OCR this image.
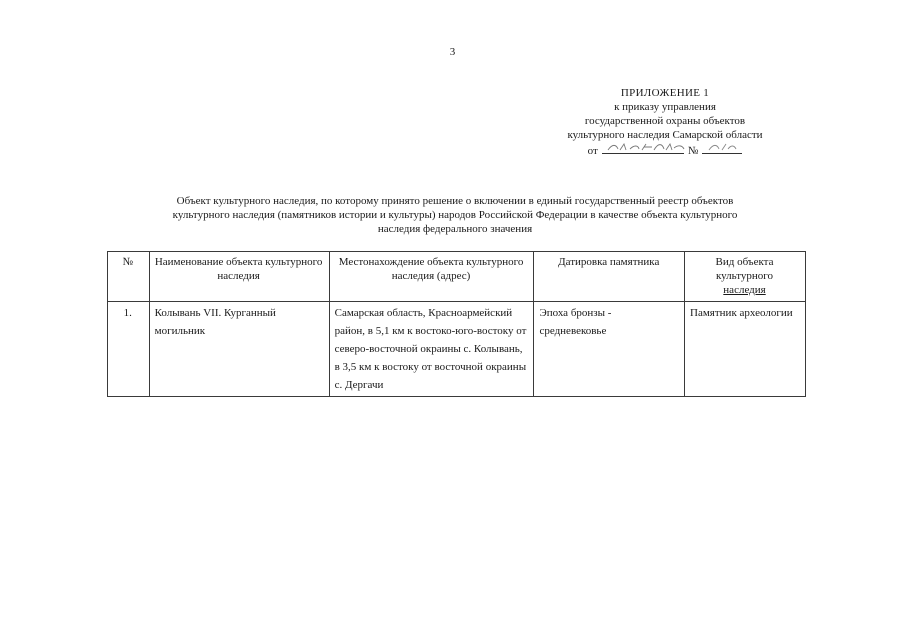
3
ПРИЛОЖЕНИЕ 1
к приказу управления
государственной охраны объектов
культурного наследия Самарской области
от	№
Объект культурного наследия, по которому принято решение о включении в единый государственный реестр объектов
культурного наследия (памятников истории и культуры) народов Российской Федерации в качестве объекта культурного
наследия федерального значения
№	Наименование объекта культурного наследия	Местонахождение объекта культурного наследия (адрес)	Датировка памятника	Вид объекта
культурного
наследия

1.	Колывань VII. Курганный могильник	Самарская область, Красноармейский район, в 5,1 км к востоко-юго-востоку от северо-восточной окраины с. Колывань, в 3,5 км к востоку от восточной окраины с. Дергачи	Эпоха бронзы - средневековье	Памятник археологии
